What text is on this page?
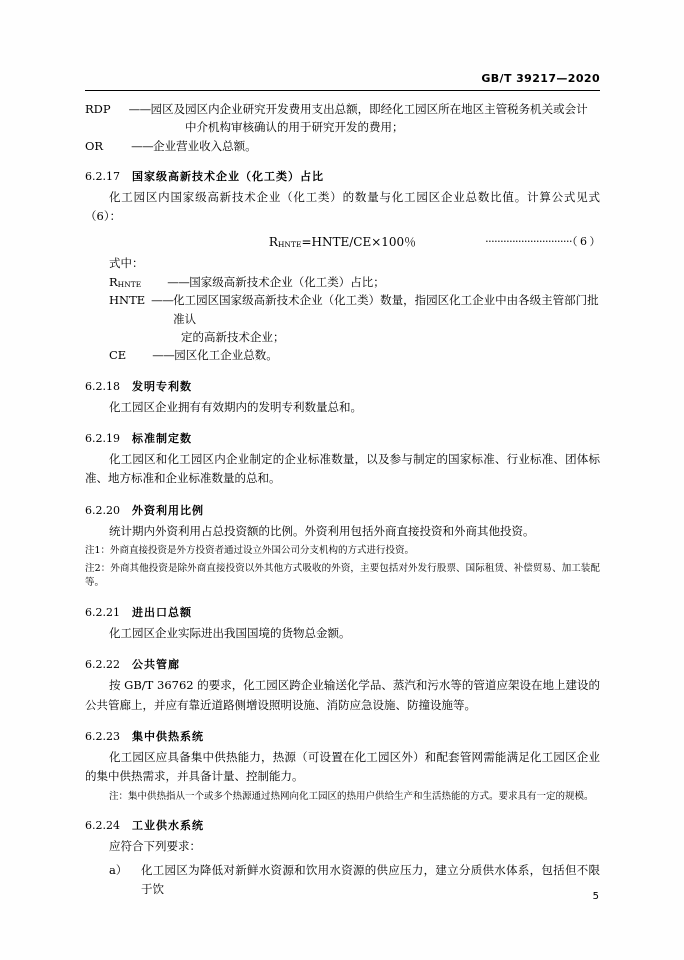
GB/T 39217—2020
RDP —— 园区及园区内企业研究开发费用支出总额，即经化工园区所在地区主管税务机关或会计
中介机构审核确认的用于研究开发的费用；
OR —— 企业营业收入总额。
6.2.17 国家级高新技术企业（化工类）占比
化工园区内国家级高新技术企业（化工类）的数量与化工园区企业总数比值。计算公式见式（6）：
$R_{HNTE}=HNTE/CE\times 100$％	·····························（ 6 ）
式中：
$R_{HNTE}$ —— 国家级高新技术企业（化工类）占比；
HNTE —— 化工园区国家级高新技术企业（化工类）数量，指园区化工企业中由各级主管部门批准认
定的高新技术企业；
CE —— 园区化工企业总数。
6.2.18 发明专利数
化工园区企业拥有有效期内的发明专利数量总和。
6.2.19 标准制定数
化工园区和化工园区内企业制定的企业标准数量，以及参与制定的国家标准、行业标准、团体标准、地方标准和企业标准数量的总和。
6.2.20 外资利用比例
统计期内外资利用占总投资额的比例。外资利用包括外商直接投资和外商其他投资。
注1：外商直接投资是外方投资者通过设立外国公司分支机构的方式进行投资。
注2：外商其他投资是除外商直接投资以外其他方式吸收的外资，主要包括对外发行股票、国际租赁、补偿贸易、加工装配等。
6.2.21 进出口总额
化工园区企业实际进出我国国境的货物总金额。
6.2.22 公共管廊
按 GB/T 36762 的要求，化工园区跨企业输送化学品、蒸汽和污水等的管道应架设在地上建设的公共管廊上，并应有靠近道路侧增设照明设施、消防应急设施、防撞设施等。
6.2.23 集中供热系统
化工园区应具备集中供热能力，热源（可设置在化工园区外）和配套管网需能满足化工园区企业的集中供热需求，并具备计量、控制能力。
注：集中供热指从一个或多个热源通过热网向化工园区的热用户供给生产和生活热能的方式。要求具有一定的规模。
6.2.24 工业供水系统
应符合下列要求：
a）	化工园区为降低对新鲜水资源和饮用水资源的供应压力，建立分质供水体系，包括但不限于饮
5
